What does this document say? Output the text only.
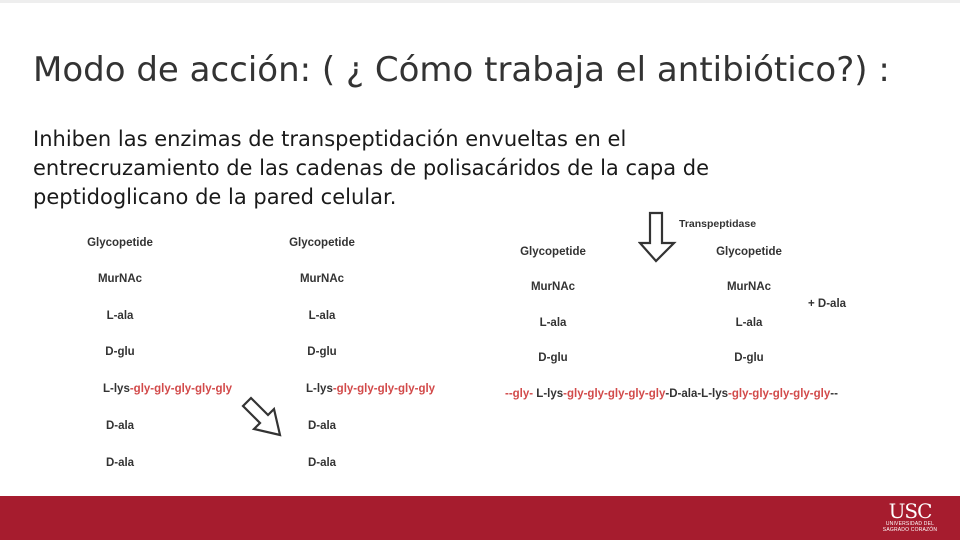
Modo de acción: ( ¿ Cómo trabaja el antibiótico?) :
Inhiben las enzimas de transpeptidación envueltas en el entrecruzamiento de las cadenas de polisacáridos de la capa de peptidoglicano de la pared celular.
Glycopetide
MurNAc
L-ala
D-glu
L-lys-gly-gly-gly-gly-gly
D-ala
D-ala
Glycopetide
MurNAc
L-ala
D-glu
L-lys-gly-gly-gly-gly-gly
D-ala
D-ala
Transpeptidase
Glycopetide
MurNAc
L-ala
D-glu
Glycopetide
MurNAc
L-ala
D-glu
+ D-ala
--gly- L-lys-gly-gly-gly-gly-gly-D-ala-L-lys-gly-gly-gly-gly-gly--
USC
UNIVERSIDAD DEL SAGRADO CORAZÓN
